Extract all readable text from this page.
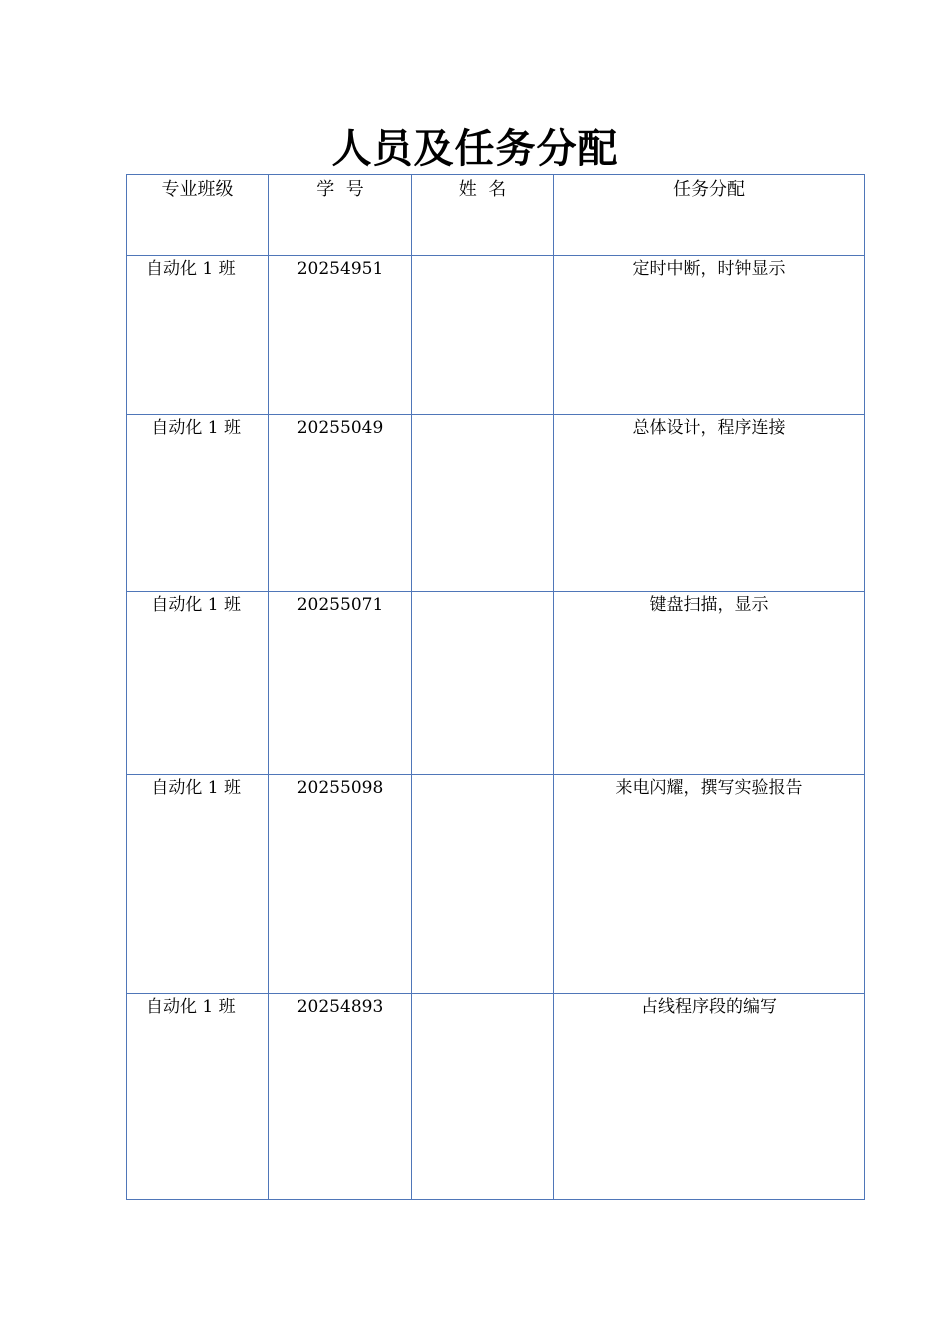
人员及任务分配
专业班级	学  号	姓  名	任务分配
自动化 1 班	20254951		定时中断，时钟显示
自动化 1 班	20255049		总体设计，程序连接
自动化 1 班	20255071		键盘扫描，显示
自动化 1 班	20255098		来电闪耀，撰写实验报告
自动化 1 班	20254893		占线程序段的编写
